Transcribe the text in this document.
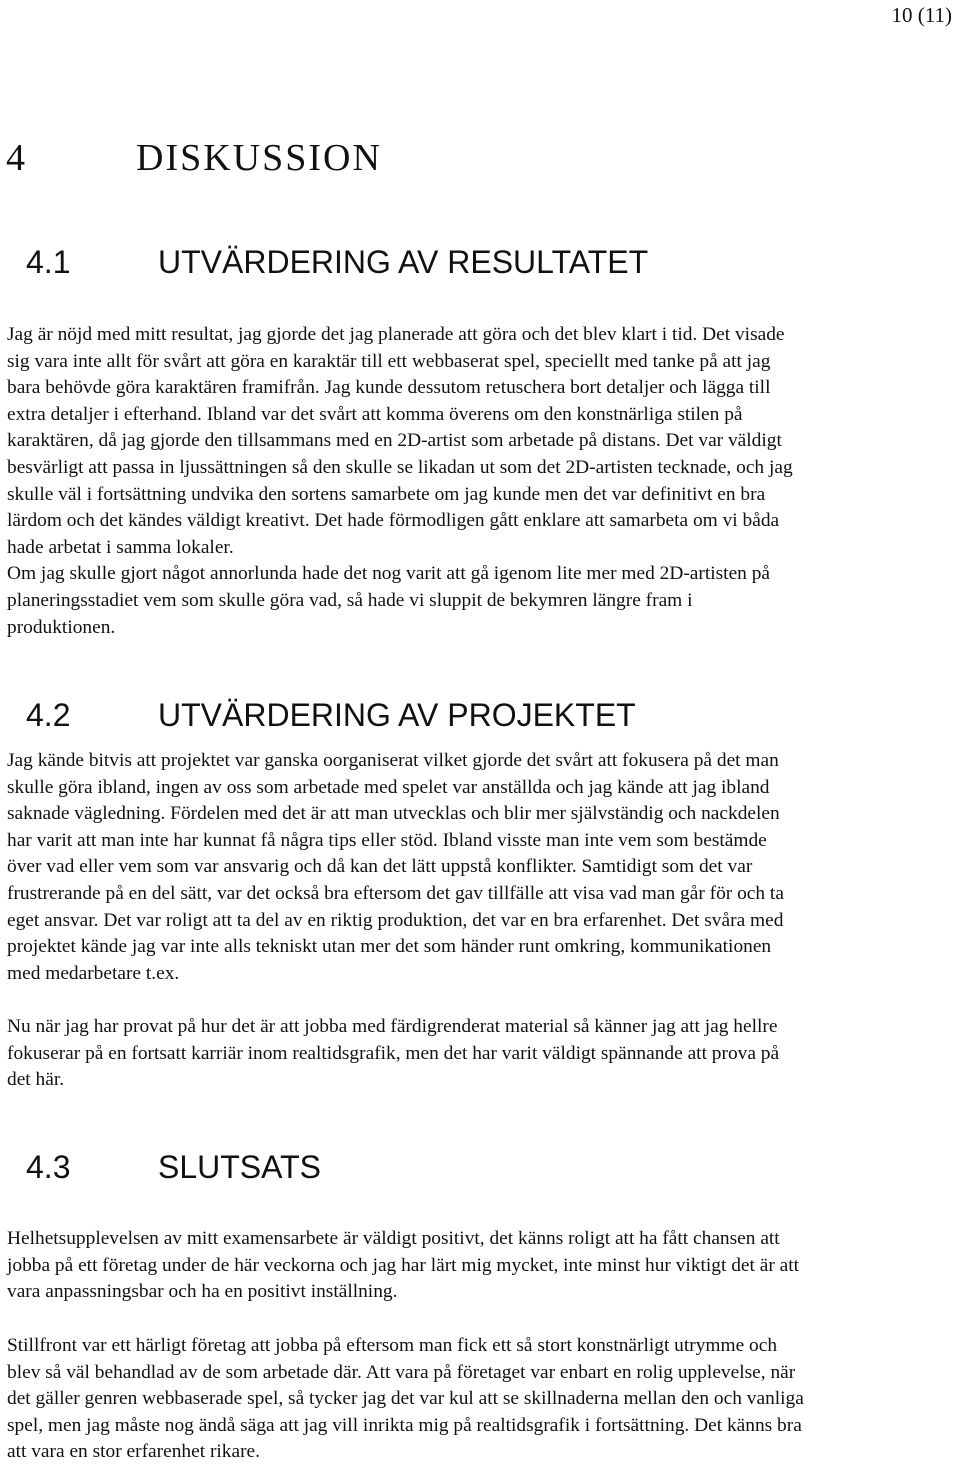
10 (11)
4	DISKUSSION
4.1	UTVÄRDERING AV RESULTATET

Jag är nöjd med mitt resultat, jag gjorde det jag planerade att göra och det blev klart i tid. Det visade
sig vara inte allt för svårt att göra en karaktär till ett webbaserat spel, speciellt med tanke på att jag
bara behövde göra karaktären framifrån. Jag kunde dessutom retuschera bort detaljer och lägga till
extra detaljer i efterhand. Ibland var det svårt att komma överens om den konstnärliga stilen på
karaktären, då jag gjorde den tillsammans med en 2D-artist som arbetade på distans. Det var väldigt
besvärligt att passa in ljussättningen så den skulle se likadan ut som det 2D-artisten tecknade, och jag
skulle väl i fortsättning undvika den sortens samarbete om jag kunde men det var definitivt en bra
lärdom och det kändes väldigt kreativt. Det hade förmodligen gått enklare att samarbeta om vi båda
hade arbetat i samma lokaler.
Om jag skulle gjort något annorlunda hade det nog varit att gå igenom lite mer med 2D-artisten på
planeringsstadiet vem som skulle göra vad, så hade vi sluppit de bekymren längre fram i
produktionen.

4.2	UTVÄRDERING AV PROJEKTET

Jag kände bitvis att projektet var ganska oorganiserat vilket gjorde det svårt att fokusera på det man
skulle göra ibland, ingen av oss som arbetade med spelet var anställda och jag kände att jag ibland
saknade vägledning. Fördelen med det är att man utvecklas och blir mer självständig och nackdelen
har varit att man inte har kunnat få några tips eller stöd. Ibland visste man inte vem som bestämde
över vad eller vem som var ansvarig och då kan det lätt uppstå konflikter. Samtidigt som det var
frustrerande på en del sätt, var det också bra eftersom det gav tillfälle att visa vad man går för och ta
eget ansvar. Det var roligt att ta del av en riktig produktion, det var en bra erfarenhet. Det svåra med
projektet kände jag var inte alls tekniskt utan mer det som händer runt omkring, kommunikationen
med medarbetare t.ex.

Nu när jag har provat på hur det är att jobba med färdigrenderat material så känner jag att jag hellre
fokuserar på en fortsatt karriär inom realtidsgrafik, men det har varit väldigt spännande att prova på
det här.

4.3	SLUTSATS

Helhetsupplevelsen av mitt examensarbete är väldigt positivt, det känns roligt att ha fått chansen att
jobba på ett företag under de här veckorna och jag har lärt mig mycket, inte minst hur viktigt det är att
vara anpassningsbar och ha en positivt inställning.

Stillfront var ett härligt företag att jobba på eftersom man fick ett så stort konstnärligt utrymme och
blev så väl behandlad av de som arbetade där. Att vara på företaget var enbart en rolig upplevelse, när
det gäller genren webbaserade spel, så tycker jag det var kul att se skillnaderna mellan den och vanliga
spel, men jag måste nog ändå säga att jag vill inrikta mig på realtidsgrafik i fortsättning. Det känns bra
att vara en stor erfarenhet rikare.
